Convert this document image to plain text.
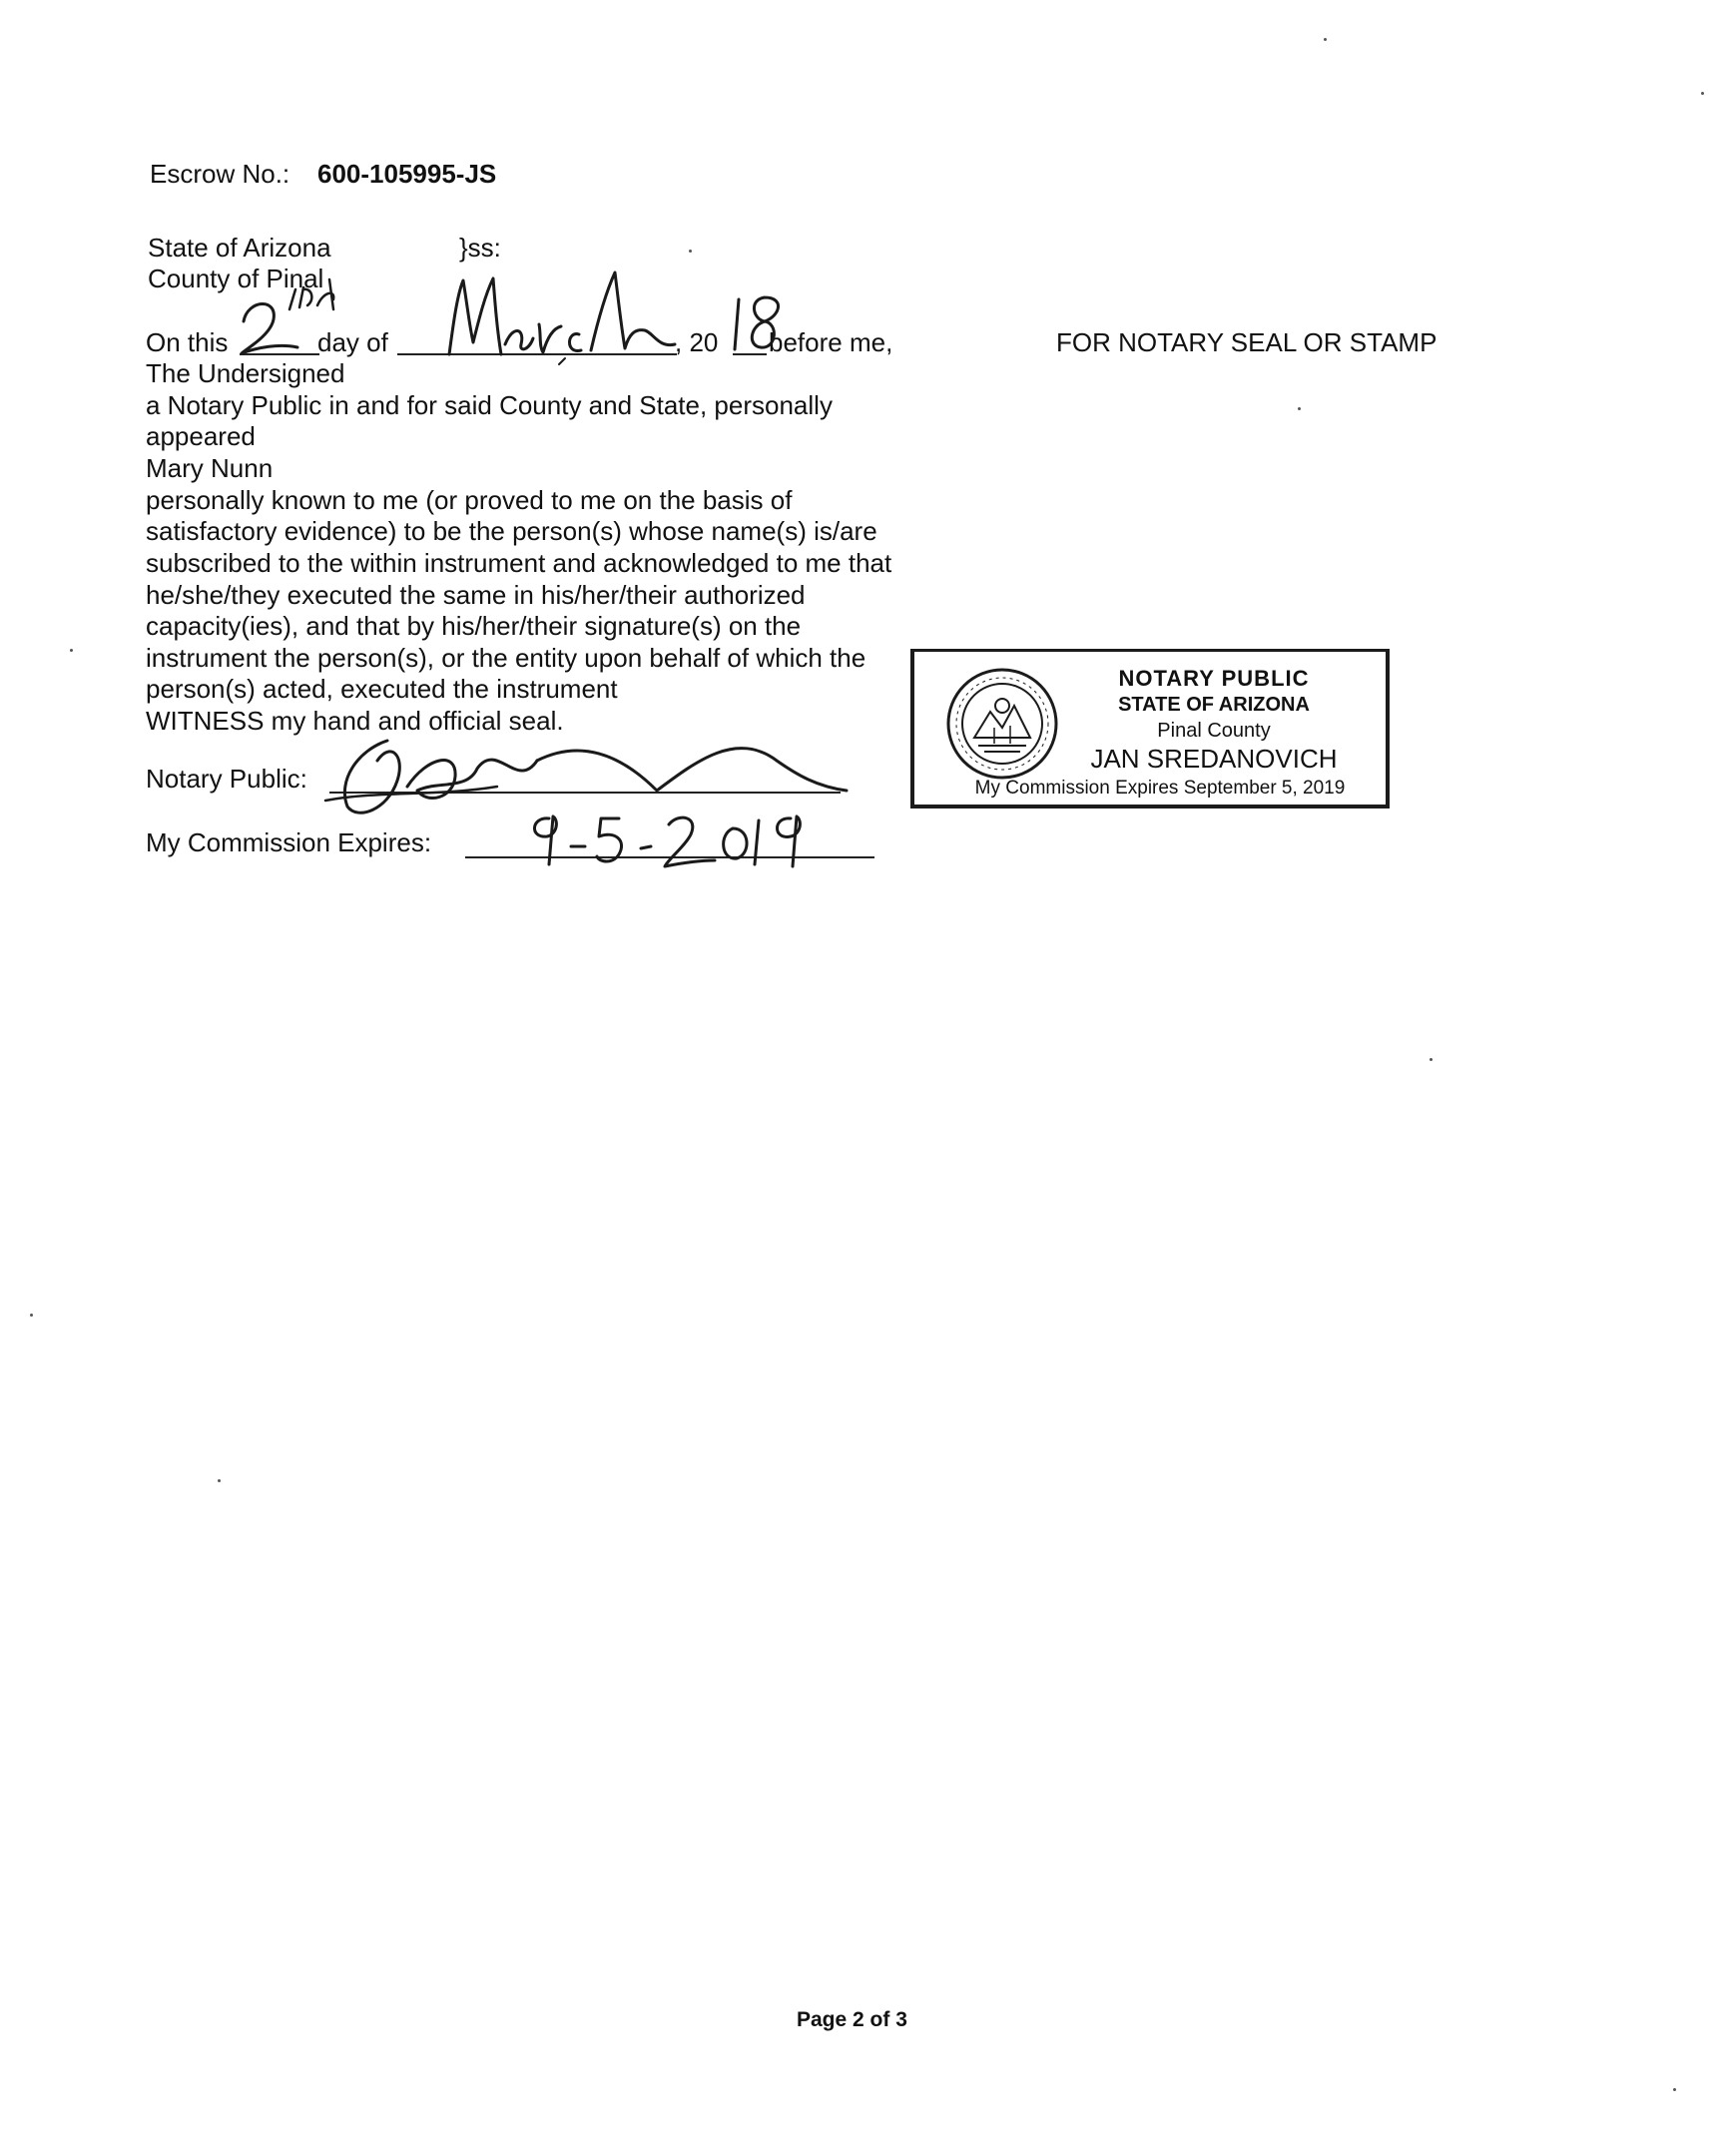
Escrow No.: 600-105995-JS
State of Arizona	}ss:
County of Pinal
On this	day of	, 20 before me,	FOR NOTARY SEAL OR STAMP
The Undersigned
a Notary Public in and for said County and State, personally
appeared
Mary Nunn
personally known to me (or proved to me on the basis of
satisfactory evidence) to be the person(s) whose name(s) is/are
subscribed to the within instrument and acknowledged to me that
he/she/they executed the same in his/her/their authorized
capacity(ies), and that by his/her/their signature(s) on the
instrument the person(s), or the entity upon behalf of which the
person(s) acted, executed the instrument
WITNESS my hand and official seal.
Notary Public:
My Commission Expires:
NOTARY PUBLIC
STATE OF ARIZONA
Pinal County
JAN SREDANOVICH
My Commission Expires September 5, 2019
Page 2 of 3
